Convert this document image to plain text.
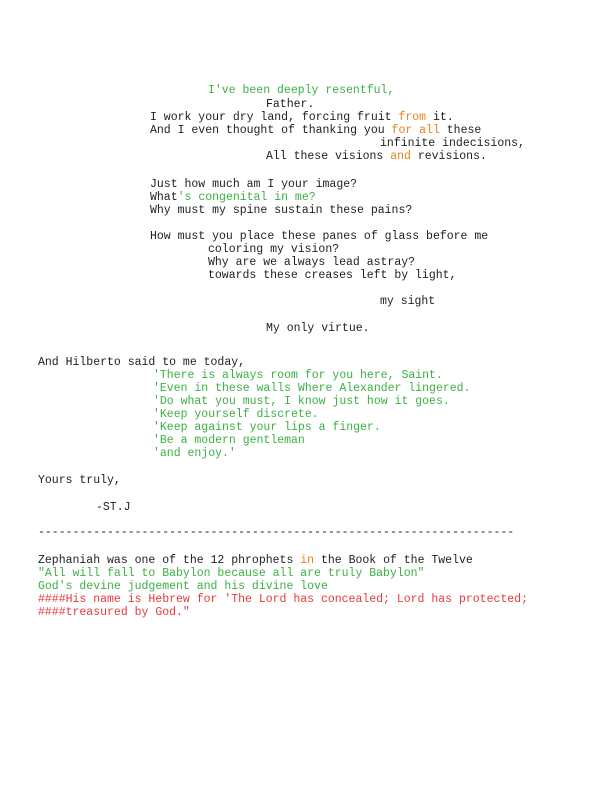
I've been deeply resentful,
Father.
I work your dry land, forcing fruit from it.
And I even thought of thanking you for all these
infinite indecisions,
All these visions and revisions.
Just how much am I your image?
What's congenital in me?
Why must my spine sustain these pains?
How must you place these panes of glass before me
coloring my vision?
Why are we always lead astray?
towards these creases left by light,
my sight
My only virtue.
And Hilberto said to me today,
'There is always room for you here, Saint.
'Even in these walls Where Alexander lingered.
'Do what you must, I know just how it goes.
'Keep yourself discrete.
'Keep against your lips a finger.
'Be a modern gentleman
'and enjoy.'
Yours truly,
-ST.J
---------------------------------------------------------------------
Zephaniah was one of the 12 phrophets in the Book of the Twelve
"All will fall to Babylon because all are truly Babylon"
God's devine judgement and his divine love
####His name is Hebrew for 'The Lord has concealed; Lord has protected;
####treasured by God."
